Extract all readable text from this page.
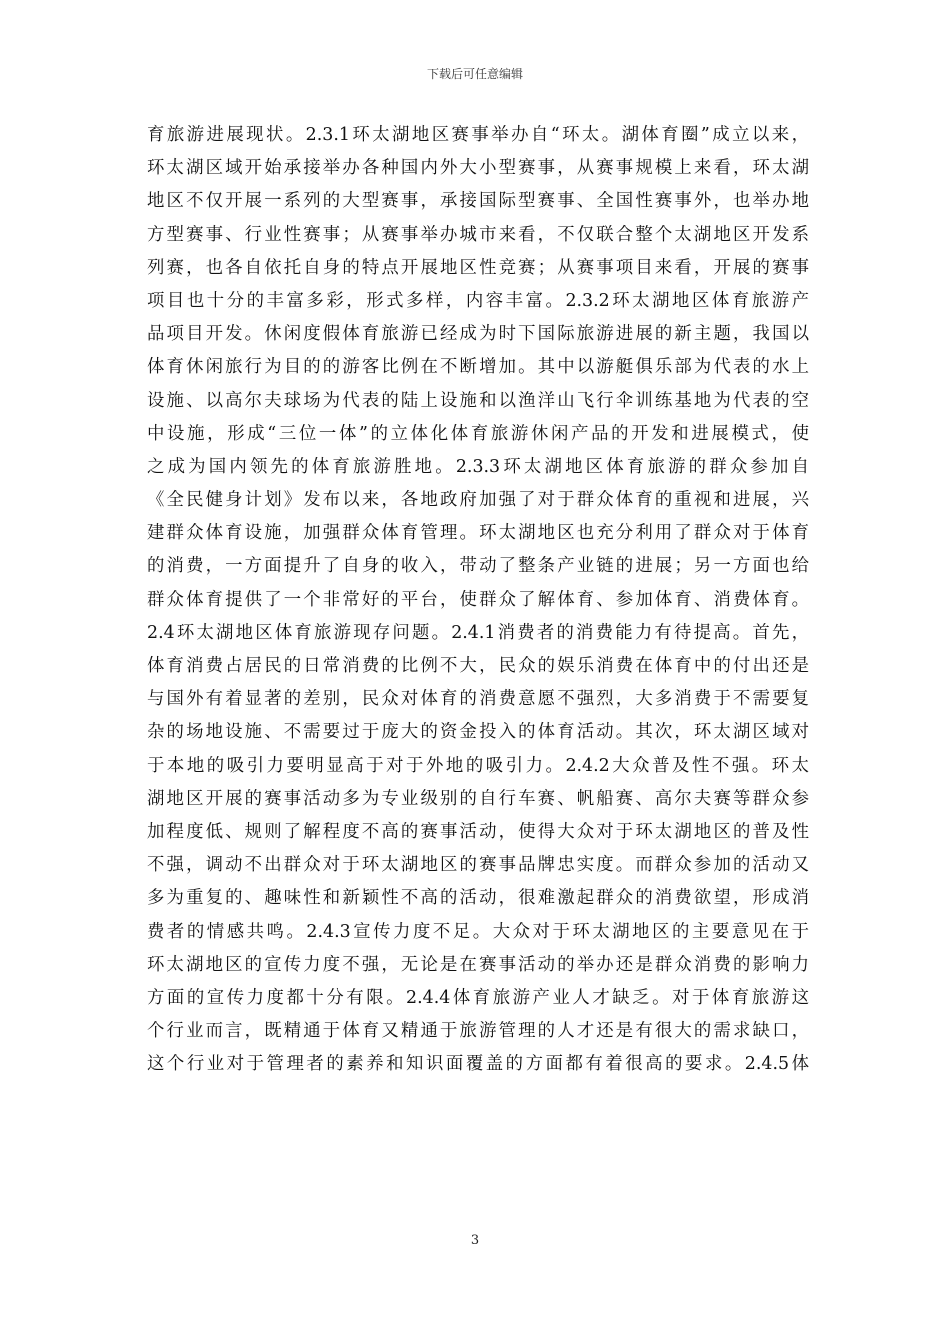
下载后可任意编辑
育旅游进展现状。2.3.1环太湖地区赛事举办自“环太。湖体育圈”成立以来，
环太湖区域开始承接举办各种国内外大小型赛事，从赛事规模上来看，环太湖
地区不仅开展一系列的大型赛事，承接国际型赛事、全国性赛事外，也举办地
方型赛事、行业性赛事；从赛事举办城市来看，不仅联合整个太湖地区开发系
列赛，也各自依托自身的特点开展地区性竞赛；从赛事项目来看，开展的赛事
项目也十分的丰富多彩，形式多样，内容丰富。2.3.2环太湖地区体育旅游产
品项目开发。休闲度假体育旅游已经成为时下国际旅游进展的新主题，我国以
体育休闲旅行为目的的游客比例在不断增加。其中以游艇俱乐部为代表的水上
设施、以高尔夫球场为代表的陆上设施和以渔洋山飞行伞训练基地为代表的空
中设施，形成“三位一体”的立体化体育旅游休闲产品的开发和进展模式，使
之成为国内领先的体育旅游胜地。2.3.3环太湖地区体育旅游的群众参加自
《全民健身计划》发布以来，各地政府加强了对于群众体育的重视和进展，兴
建群众体育设施，加强群众体育管理。环太湖地区也充分利用了群众对于体育
的消费，一方面提升了自身的收入，带动了整条产业链的进展；另一方面也给
群众体育提供了一个非常好的平台，使群众了解体育、参加体育、消费体育。
2.4环太湖地区体育旅游现存问题。2.4.1消费者的消费能力有待提高。首先，
体育消费占居民的日常消费的比例不大，民众的娱乐消费在体育中的付出还是
与国外有着显著的差别，民众对体育的消费意愿不强烈，大多消费于不需要复
杂的场地设施、不需要过于庞大的资金投入的体育活动。其次，环太湖区域对
于本地的吸引力要明显高于对于外地的吸引力。2.4.2大众普及性不强。环太
湖地区开展的赛事活动多为专业级别的自行车赛、帆船赛、高尔夫赛等群众参
加程度低、规则了解程度不高的赛事活动，使得大众对于环太湖地区的普及性
不强，调动不出群众对于环太湖地区的赛事品牌忠实度。而群众参加的活动又
多为重复的、趣味性和新颖性不高的活动，很难激起群众的消费欲望，形成消
费者的情感共鸣。2.4.3宣传力度不足。大众对于环太湖地区的主要意见在于
环太湖地区的宣传力度不强，无论是在赛事活动的举办还是群众消费的影响力
方面的宣传力度都十分有限。2.4.4体育旅游产业人才缺乏。对于体育旅游这
个行业而言，既精通于体育又精通于旅游管理的人才还是有很大的需求缺口，
这个行业对于管理者的素养和知识面覆盖的方面都有着很高的要求。2.4.5体
3
